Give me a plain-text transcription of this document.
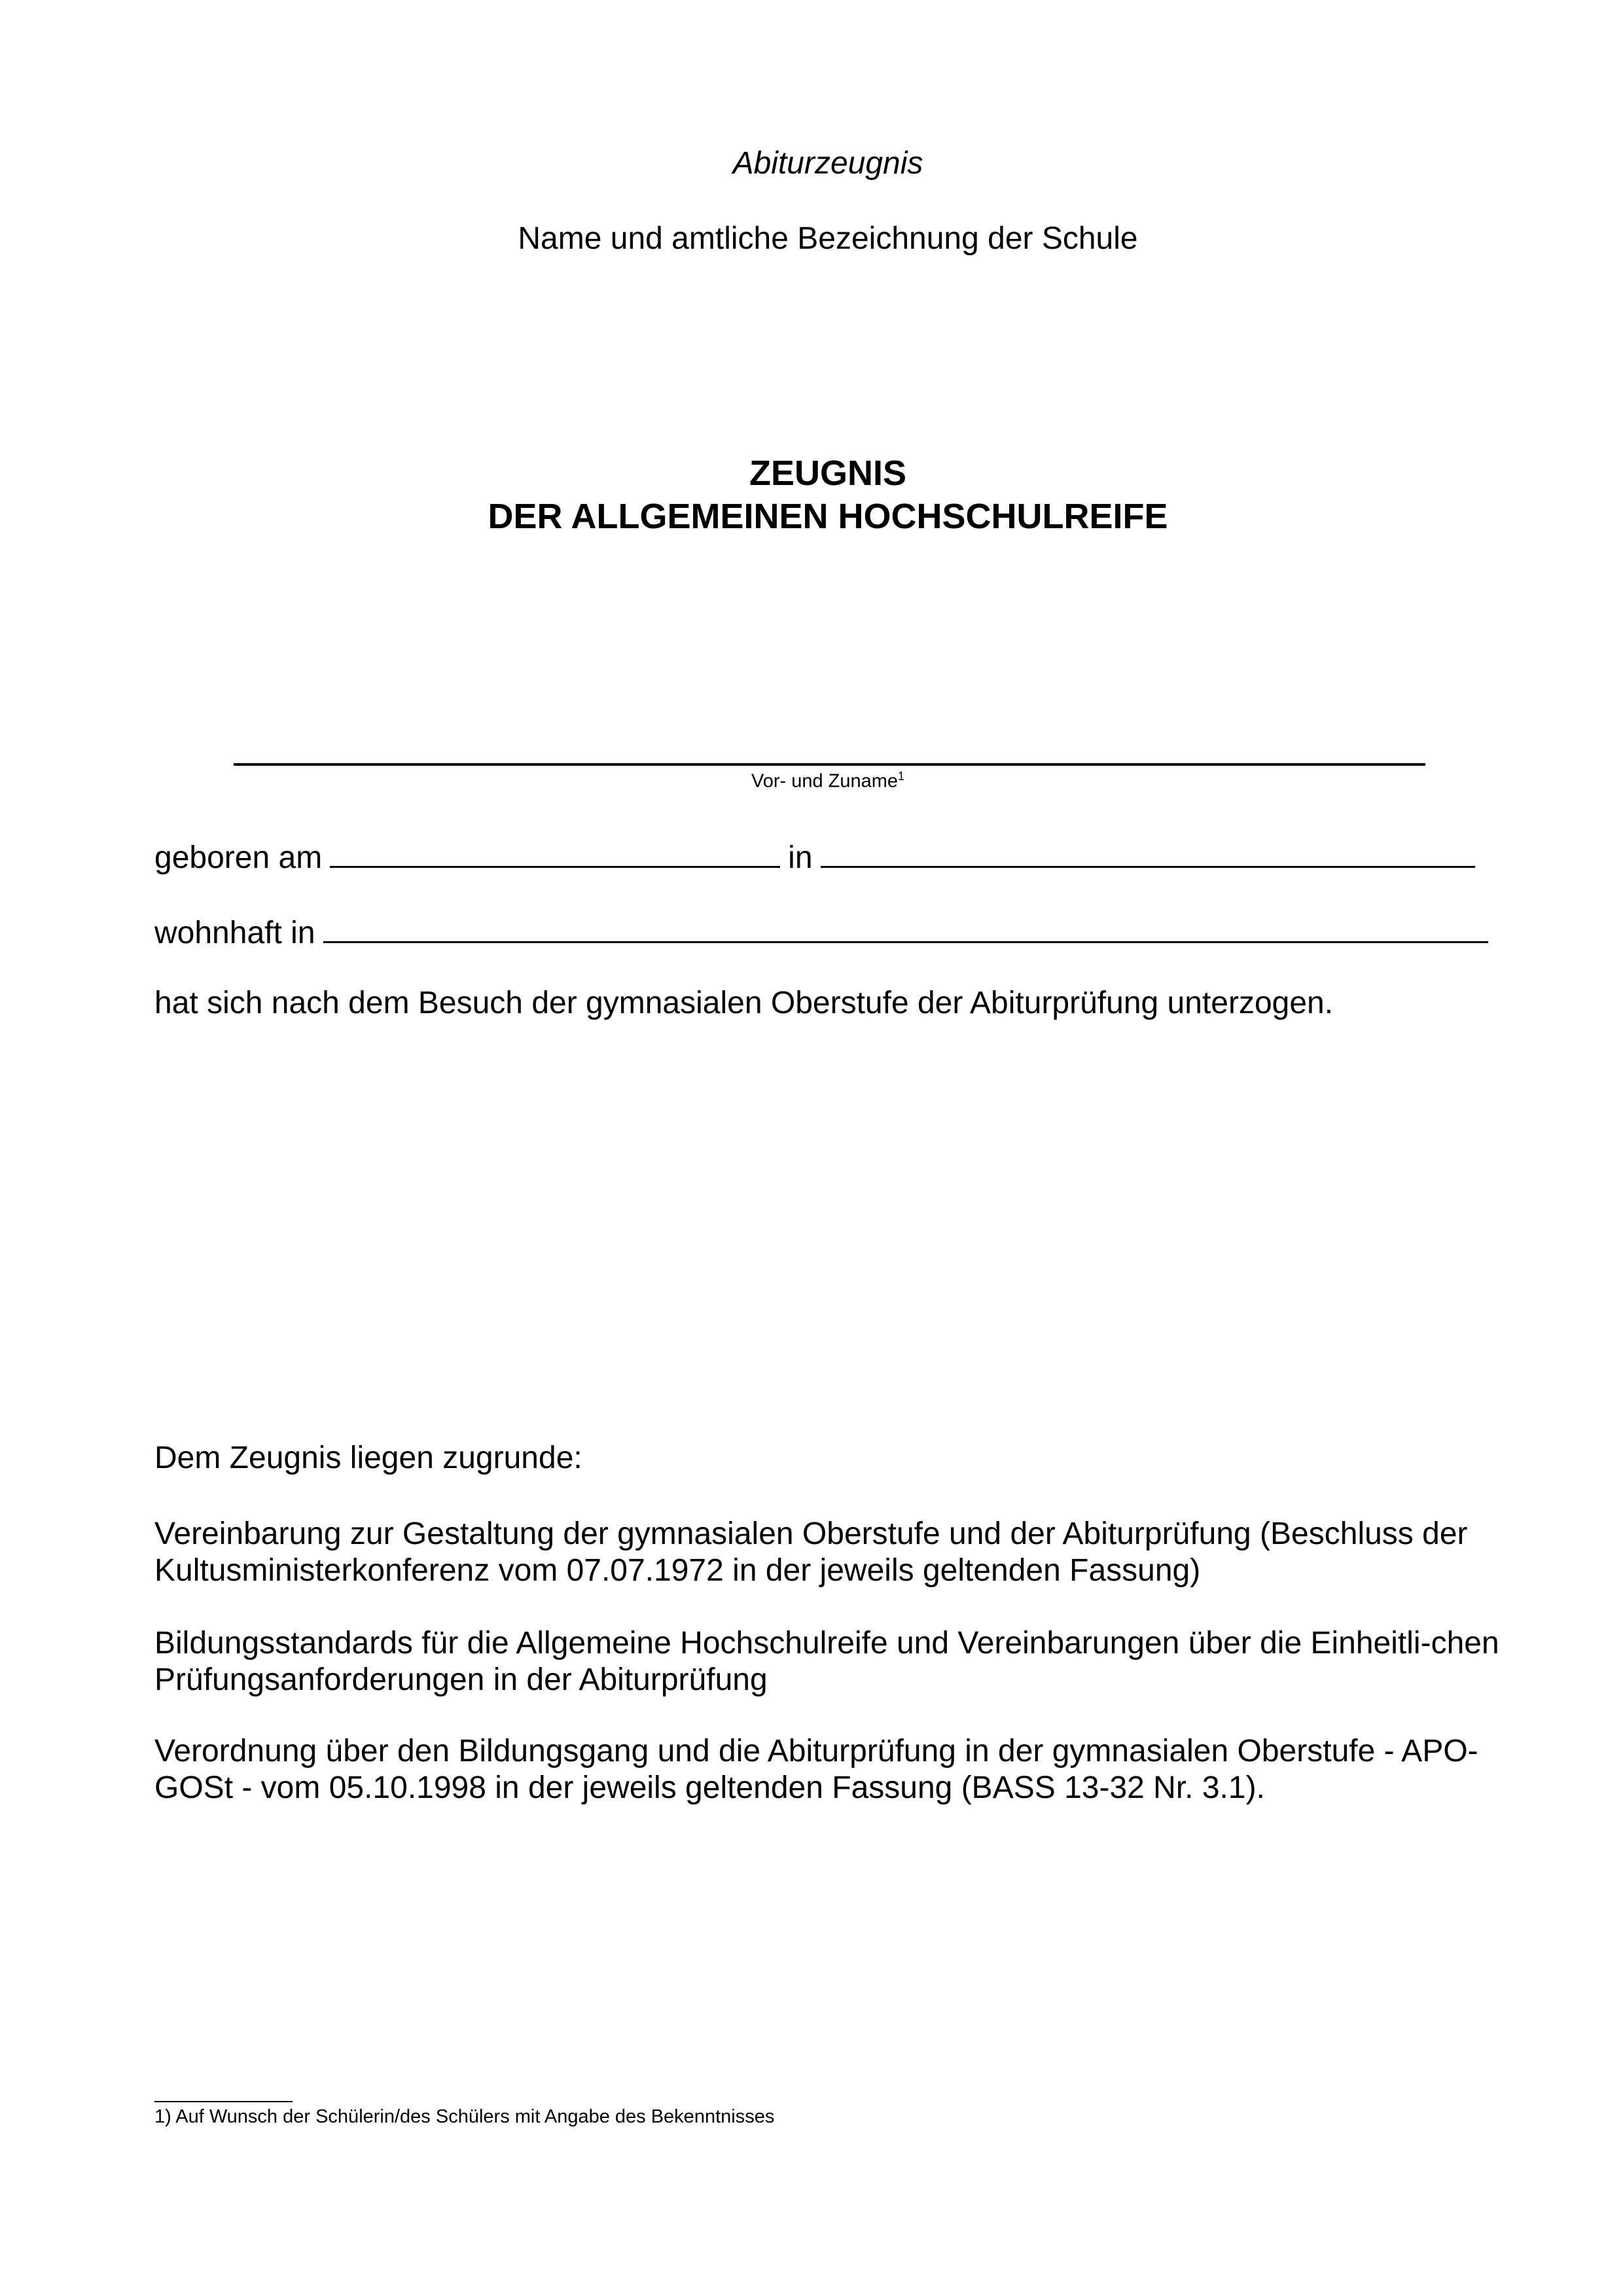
Abiturzeugnis

Name und amtliche Bezeichnung der Schule

ZEUGNIS

DER ALLGEMEINEN HOCHSCHULREIFE

Vor- und Zuname$^1$

geboren am	in

wohnhaft in

hat sich nach dem Besuch der gymnasialen Oberstufe der Abiturprüfung unterzogen.

Dem Zeugnis liegen zugrunde:

Vereinbarung zur Gestaltung der gymnasialen Oberstufe und der Abiturprüfung (Beschluss der Kultusministerkonferenz vom 07.07.1972 in der jeweils geltenden Fassung)

Bildungsstandards für die Allgemeine Hochschulreife und Vereinbarungen über die Einheitli-chen Prüfungsanforderungen in der Abiturprüfung

Verordnung über den Bildungsgang und die Abiturprüfung in der gymnasialen Oberstufe - APO- GOSt - vom 05.10.1998 in der jeweils geltenden Fassung (BASS 13-32 Nr. 3.1).

1) Auf Wunsch der Schülerin/des Schülers mit Angabe des Bekenntnisses
